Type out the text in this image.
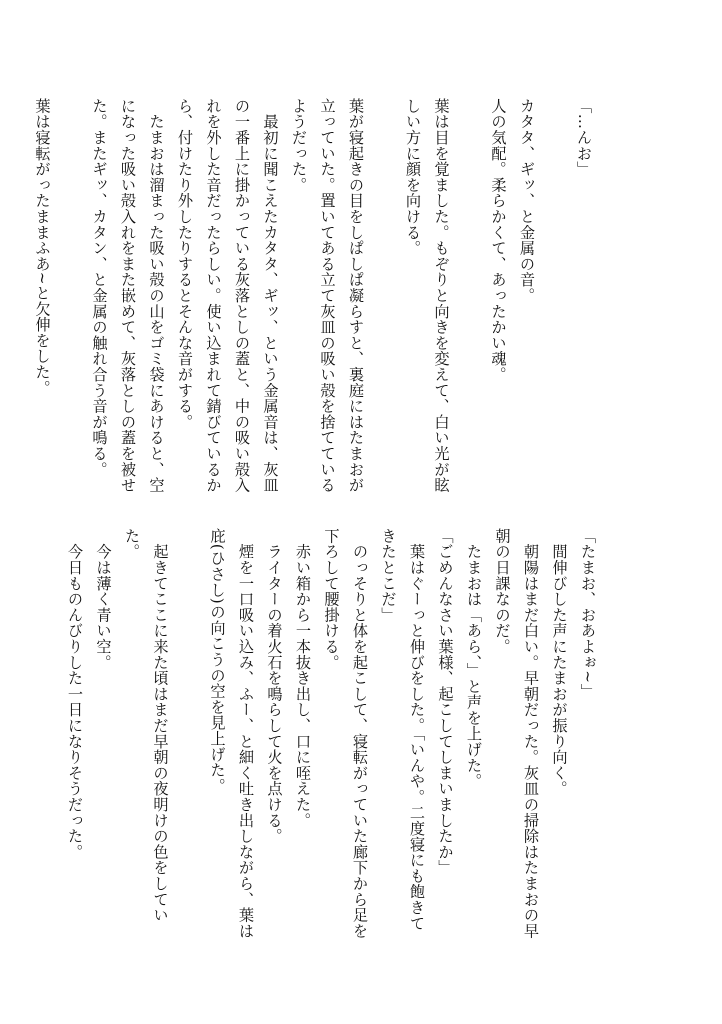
「…んお」

カタタ、ギッ、と金属の音。

人の気配。柔らかくて、あったかい魂。

葉は目を覚ました。もぞりと向きを変えて、白い光が眩しい方に顔を向ける。

葉が寝起きの目をしぱしぱ凝らすと、裏庭にはたまおが立っていた。置いてある立て灰皿の吸い殻を捨てているようだった。

　最初に聞こえたカタタ、ギッ、という金属音は、灰皿の一番上に掛かっている灰落としの蓋と、中の吸い殻入れを外した音だったらしい。使い込まれて錆びているから、付けたり外したりするとそんな音がする。

　たまおは溜まった吸い殻の山をゴミ袋にあけると、空になった吸い殻入れをまた嵌めて、灰落としの蓋を被せた。またギッ、カタン、と金属の触れ合う音が鳴る。

葉は寝転がったままふあ~と欠伸をした。

「たまお、おあよぉ~」

　間伸びした声にたまおが振り向く。

　朝陽はまだ白い。早朝だった。灰皿の掃除はたまおの早朝の日課なのだ。

　たまおは「あら、」と声を上げた。

「ごめんなさい葉様、起こしてしまいましたか」

　葉はぐーっと伸びをした。「いんや。二度寝にも飽きてきたとこだ」

　のっそりと体を起こして、寝転がっていた廊下から足を下ろして腰掛ける。

　赤い箱から一本抜き出し、口に咥えた。

　ライターの着火石を鳴らして火を点ける。

　煙を一口吸い込み、ふー、と細く吐き出しながら、葉は庇(ひさし)の向こうの空を見上げた。

　起きてここに来た頃はまだ早朝の夜明けの色をしていた。

　今は薄く青い空。

　今日ものんびりした一日になりそうだった。
